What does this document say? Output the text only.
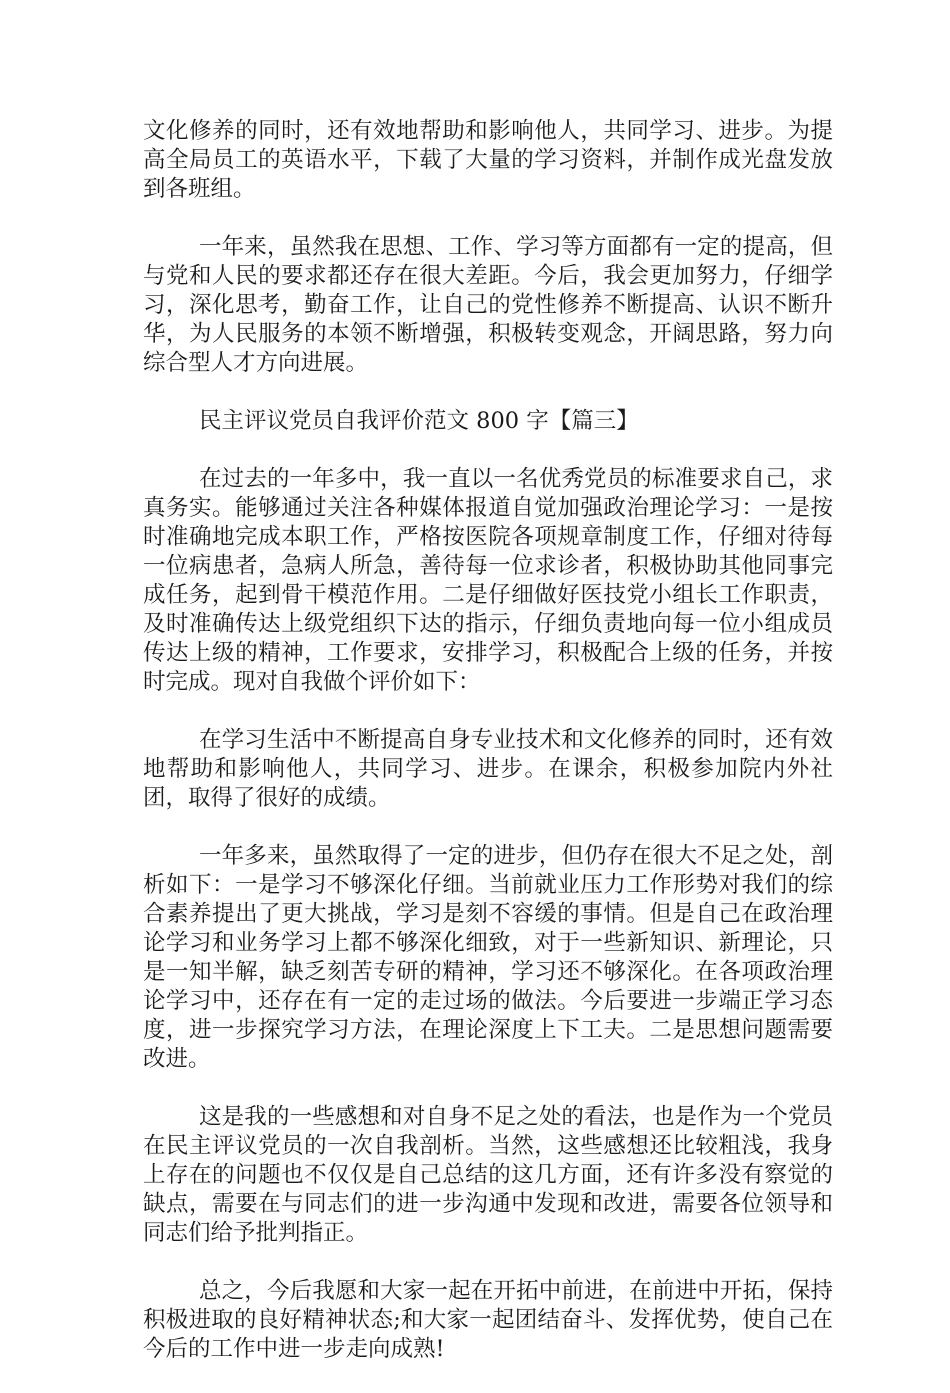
文化修养的同时，还有效地帮助和影响他人，共同学习、进步。为提高全局员工的英语水平，下载了大量的学习资料，并制作成光盘发放到各班组。

一年来，虽然我在思想、工作、学习等方面都有一定的提高，但与党和人民的要求都还存在很大差距。今后，我会更加努力，仔细学习，深化思考，勤奋工作，让自己的党性修养不断提高、认识不断升华，为人民服务的本领不断增强，积极转变观念，开阔思路，努力向综合型人才方向进展。

民主评议党员自我评价范文 800 字【篇三】

在过去的一年多中，我一直以一名优秀党员的标准要求自己，求真务实。能够通过关注各种媒体报道自觉加强政治理论学习：一是按时准确地完成本职工作，严格按医院各项规章制度工作，仔细对待每一位病患者，急病人所急，善待每一位求诊者，积极协助其他同事完成任务，起到骨干模范作用。二是仔细做好医技党小组长工作职责，及时准确传达上级党组织下达的指示，仔细负责地向每一位小组成员传达上级的精神，工作要求，安排学习，积极配合上级的任务，并按时完成。现对自我做个评价如下：

在学习生活中不断提高自身专业技术和文化修养的同时，还有效地帮助和影响他人，共同学习、进步。在课余，积极参加院内外社团，取得了很好的成绩。

一年多来，虽然取得了一定的进步，但仍存在很大不足之处，剖析如下：一是学习不够深化仔细。当前就业压力工作形势对我们的综合素养提出了更大挑战，学习是刻不容缓的事情。但是自己在政治理论学习和业务学习上都不够深化细致，对于一些新知识、新理论，只是一知半解，缺乏刻苦专研的精神，学习还不够深化。在各项政治理论学习中，还存在有一定的走过场的做法。今后要进一步端正学习态度，进一步探究学习方法，在理论深度上下工夫。二是思想问题需要改进。

这是我的一些感想和对自身不足之处的看法，也是作为一个党员在民主评议党员的一次自我剖析。当然，这些感想还比较粗浅，我身上存在的问题也不仅仅是自己总结的这几方面，还有许多没有察觉的缺点，需要在与同志们的进一步沟通中发现和改进，需要各位领导和同志们给予批判指正。

总之，今后我愿和大家一起在开拓中前进，在前进中开拓，保持积极进取的良好精神状态;和大家一起团结奋斗、发挥优势，使自己在今后的工作中进一步走向成熟!
